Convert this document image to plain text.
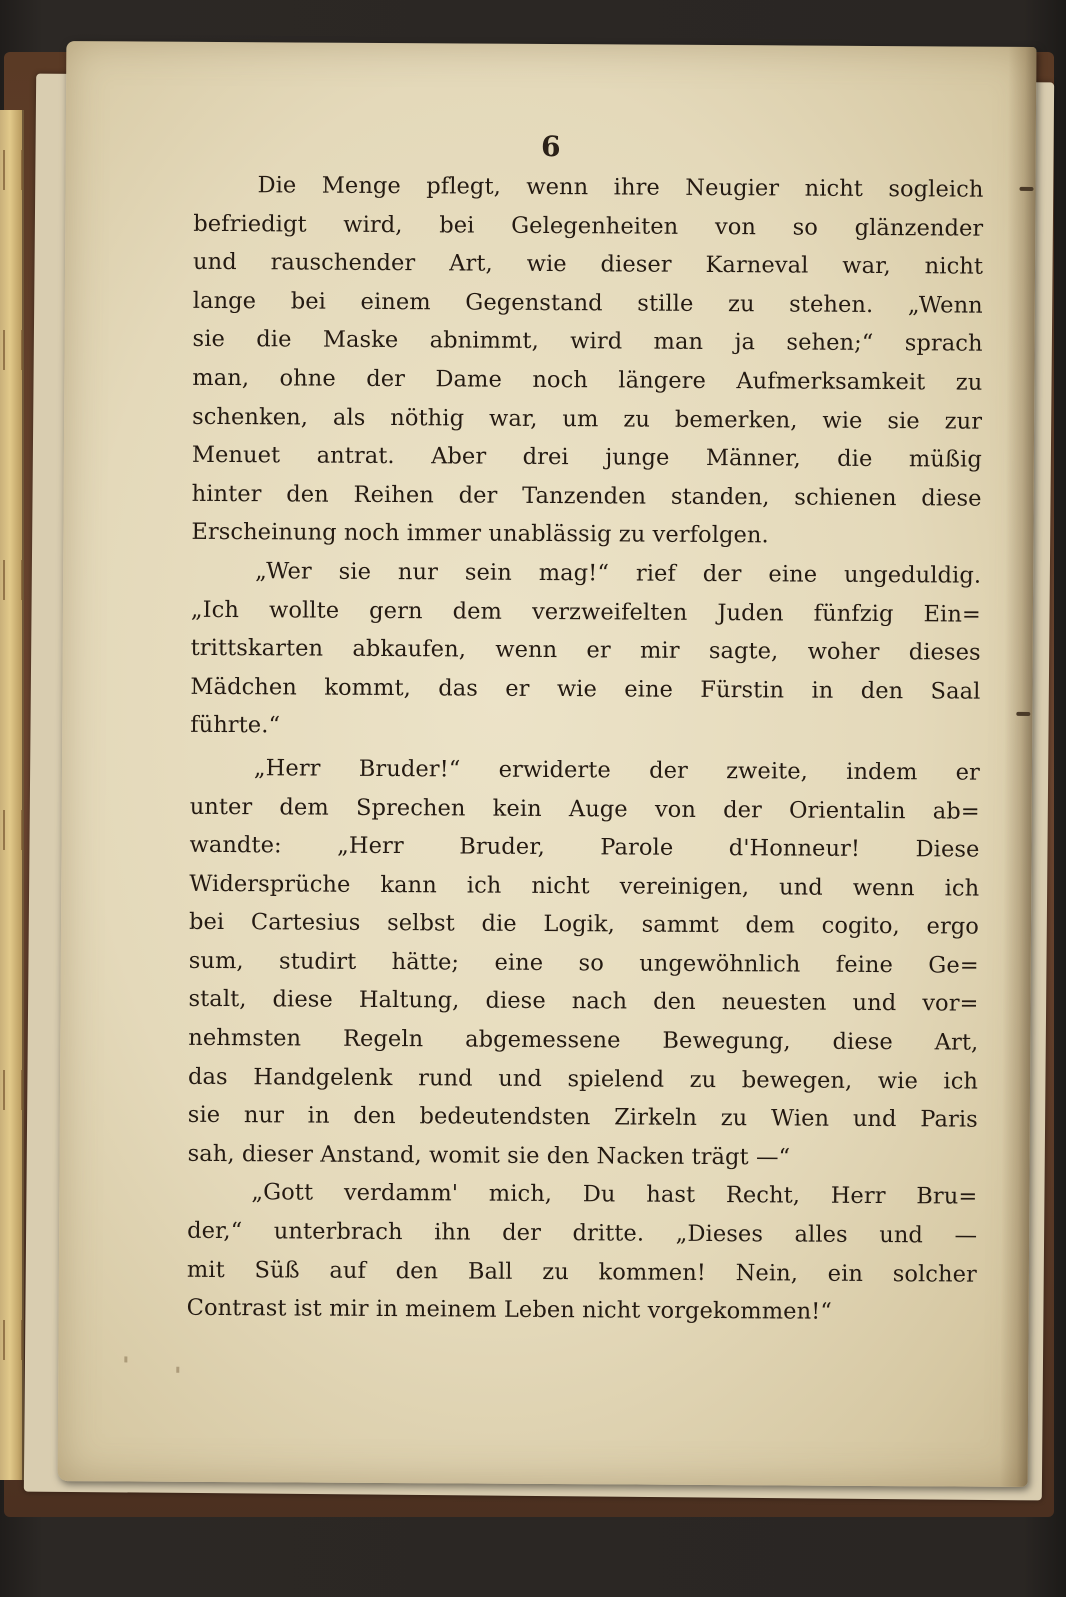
6

Die Menge pflegt, wenn ihre Neugier nicht sogleich
befriedigt wird, bei Gelegenheiten von so glänzender
und rauschender Art, wie dieser Karneval war, nicht
lange bei einem Gegenstand stille zu stehen. „Wenn
sie die Maske abnimmt, wird man ja sehen;“ sprach
man, ohne der Dame noch längere Aufmerksamkeit zu
schenken, als nöthig war, um zu bemerken, wie sie zur
Menuet antrat. Aber drei junge Männer, die müßig
hinter den Reihen der Tanzenden standen, schienen diese
Erscheinung noch immer unablässig zu verfolgen.

„Wer sie nur sein mag!“ rief der eine ungeduldig.
„Ich wollte gern dem verzweifelten Juden fünfzig Ein=
trittskarten abkaufen, wenn er mir sagte, woher dieses
Mädchen kommt, das er wie eine Fürstin in den Saal
führte.“

„Herr Bruder!“ erwiderte der zweite, indem er
unter dem Sprechen kein Auge von der Orientalin ab=
wandte: „Herr Bruder, Parole d'Honneur! Diese
Widersprüche kann ich nicht vereinigen, und wenn ich
bei Cartesius selbst die Logik, sammt dem cogito, ergo
sum, studirt hätte; eine so ungewöhnlich feine Ge=
stalt, diese Haltung, diese nach den neuesten und vor=
nehmsten Regeln abgemessene Bewegung, diese Art,
das Handgelenk rund und spielend zu bewegen, wie ich
sie nur in den bedeutendsten Zirkeln zu Wien und Paris
sah, dieser Anstand, womit sie den Nacken trägt —“

„Gott verdamm' mich, Du hast Recht, Herr Bru=
der,“ unterbrach ihn der dritte. „Dieses alles und —
mit Süß auf den Ball zu kommen! Nein, ein solcher
Contrast ist mir in meinem Leben nicht vorgekommen!“
